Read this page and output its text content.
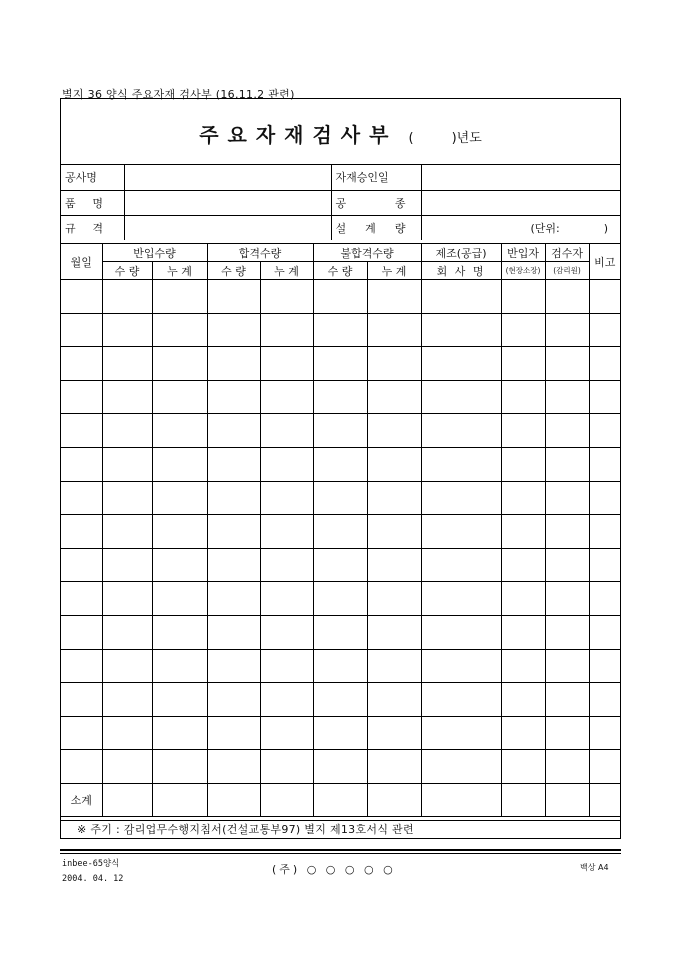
별지 36 양식 주요자재 검사부 (16.11.2 관련)
주요자재검사부 (	)년도
공사명		자재승인일	

품 명		공 종	

규 격		설 계 량	(단위: )
월일	반입수량		합격수량		불합격수량		제조(공급)	반입자	검수자	비고
	수 량	누 계	수 량	누 계	수 량	누 계	회 사 명	(현장소장)	(감리원)	

소계										
※ 주기 : 감리업무수행지침서(건설교통부97) 별지 제13호서식 관련
inbee-65양식
2004. 04. 12
(주) ○ ○ ○ ○ ○	백상 A4
